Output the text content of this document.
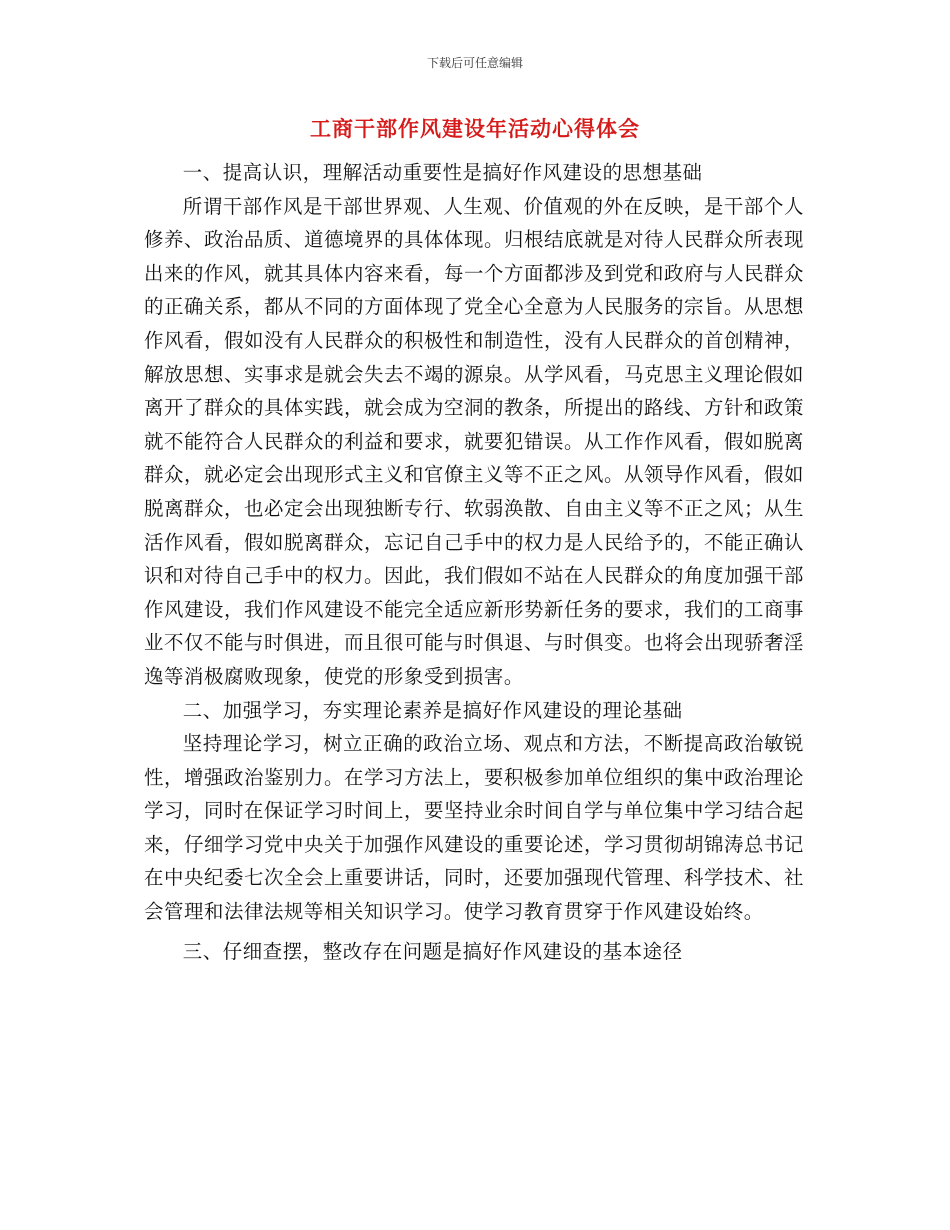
下载后可任意编辑
工商干部作风建设年活动心得体会

一、提高认识，理解活动重要性是搞好作风建设的思想基础

所谓干部作风是干部世界观、人生观、价值观的外在反映，是干部个人修养、政治品质、道德境界的具体体现。归根结底就是对待人民群众所表现出来的作风，就其具体内容来看，每一个方面都涉及到党和政府与人民群众的正确关系，都从不同的方面体现了党全心全意为人民服务的宗旨。从思想作风看，假如没有人民群众的积极性和制造性，没有人民群众的首创精神，解放思想、实事求是就会失去不竭的源泉。从学风看，马克思主义理论假如离开了群众的具体实践，就会成为空洞的教条，所提出的路线、方针和政策就不能符合人民群众的利益和要求，就要犯错误。从工作作风看，假如脱离群众，就必定会出现形式主义和官僚主义等不正之风。从领导作风看，假如脱离群众，也必定会出现独断专行、软弱涣散、自由主义等不正之风；从生活作风看，假如脱离群众，忘记自己手中的权力是人民给予的，不能正确认识和对待自己手中的权力。因此，我们假如不站在人民群众的角度加强干部作风建设，我们作风建设不能完全适应新形势新任务的要求，我们的工商事业不仅不能与时俱进，而且很可能与时俱退、与时俱变。也将会出现骄奢淫逸等消极腐败现象，使党的形象受到损害。

二、加强学习，夯实理论素养是搞好作风建设的理论基础

坚持理论学习，树立正确的政治立场、观点和方法，不断提高政治敏锐性，增强政治鉴别力。在学习方法上，要积极参加单位组织的集中政治理论学习，同时在保证学习时间上，要坚持业余时间自学与单位集中学习结合起来，仔细学习党中央关于加强作风建设的重要论述，学习贯彻胡锦涛总书记在中央纪委七次全会上重要讲话，同时，还要加强现代管理、科学技术、社会管理和法律法规等相关知识学习。使学习教育贯穿于作风建设始终。

三、仔细查摆，整改存在问题是搞好作风建设的基本途径
